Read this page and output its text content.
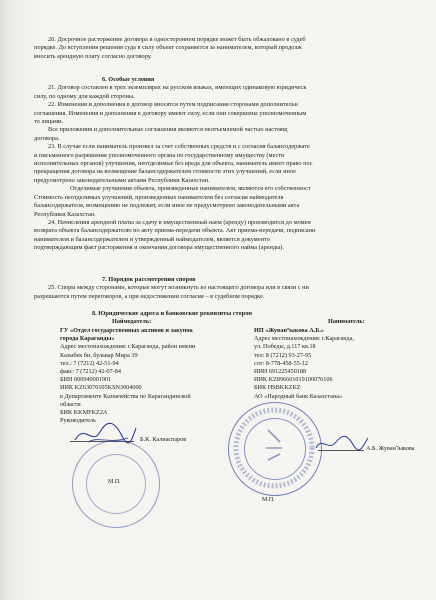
20. Досрочное расторжение договора в одностороннем порядке может быть обжаловано в судеб
порядке. До вступления решения суда в силу объект сохраняется за нанимателем, который продолж
вносить арендную плату согласно договору.
6. Особые условия
21. Договор составлен в трех экземплярах на русском языках, имеющих одинаковую юридическ
силу, по одному для каждой стороны.
22. Изменения и дополнения в договор вносятся путем подписания сторонами дополнительн
соглашения. Изменения и дополнения к договору имеют силу, если они совершены уполномоченным
то лицами.
Все приложения и дополнительные соглашения являются неотъемлемой частью настоящ
договора.
23. В случае если наниматель произвел за счет собственных средств и с согласия балансодержате
и письменного разрешения уполномоченного органа по государственному имуществу (местн
исполнительных органов) улучшения, неотделимые без вреда для объекта, наниматель имеет право пос
прекращения договора на возмещение балансодержателем стоимости этих улучшений, если иное
предусмотрено законодательными актами Республики Казахстан.
Отделимые улучшения объекта, произведенные нанимателем, являются его собственност
Стоимость неотделимых улучшений, произведенных нанимателем без согласия наймодателя
балансодержателя, возмещению не подлежит, если иное не предусмотрено законодательными акта
Республики Казахстан.
24. Начисления арендной платы за сдачу в имущественный наем (аренду) производится до момен
возврата объекта балансодержателю по акту приема-передачи объекта. Акт приема-передачи, подписанн
нанимателем и балансодержателем и утвержденный наймодателем, является документо
подтверждающим факт расторжения и окончания договора имущественного найма (аренды).
7. Порядок рассмотрения споров
25. Споры между сторонами, которые могут возникнуть из настоящего договора или в связи с ни
разрешаются путем переговоров, а при недостижении согласия – в судебном порядке.
8. Юридические адреса и банковские реквизиты сторон
Наймодатель:	Наниматель:
ГУ «Отдел государственных активов и закупок
города Караганды»
Адрес местонахождения: г.Караганда, район имени
Казыбек би, бульвар Мира 39
тел.: 7 (7212) 42-51-94
факс: 7 (7212) 42-07-84
БИН 000940001901
ИИК KZ63070105KSN3004000
в Департаменте Казначейства по Карагандинской
области
БИК KKMFKZ2A
Руководитель
ИП «Жуванדыкова А.Б.»
Адрес местонахождения: г.Караганда,
ул. Победы, д.117 кв.18
тел: 8 (7212) 93-27-95
сот: 8-778-458-55-12
ИИН 691225450188
ИИК KZ896601019100076106
БИК HSBKKZKZ
АО «Народный банк Казахстана»
Б.К. Калиаспаров
М.П.
А.Б. Жуванדыкова
М.П.
